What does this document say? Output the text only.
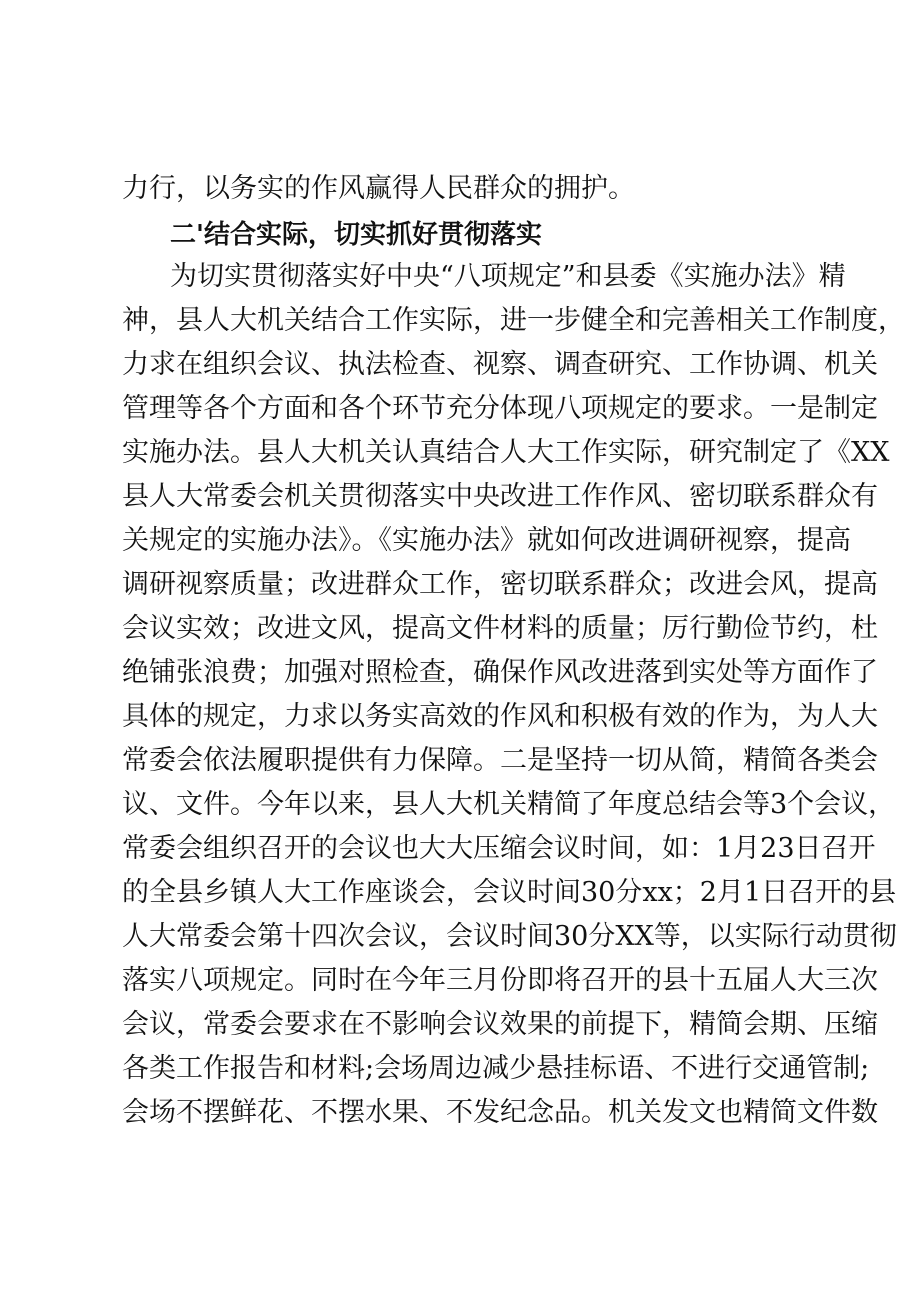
力行，以务实的作风赢得人民群众的拥护。
二'结合实际，切实抓好贯彻落实
为切实贯彻落实好中央“八项规定”和县委《实施办法》精
神，县人大机关结合工作实际，进一步健全和完善相关工作制度，
力求在组织会议、执法检查、视察、调查研究、工作协调、机关
管理等各个方面和各个环节充分体现八项规定的要求。一是制定
实施办法。县人大机关认真结合人大工作实际，研究制定了《XX
县人大常委会机关贯彻落实中央改进工作作风、密切联系群众有
关规定的实施办法》。《实施办法》就如何改进调研视察，提高
调研视察质量；改进群众工作，密切联系群众；改进会风，提高
会议实效；改进文风，提高文件材料的质量；厉行勤俭节约，杜
绝铺张浪费；加强对照检查，确保作风改进落到实处等方面作了
具体的规定，力求以务实高效的作风和积极有效的作为，为人大
常委会依法履职提供有力保障。二是坚持一切从简，精简各类会
议、文件。今年以来，县人大机关精简了年度总结会等3个会议，
常委会组织召开的会议也大大压缩会议时间，如：1月23日召开
的全县乡镇人大工作座谈会，会议时间30分xx；2月1日召开的县
人大常委会第十四次会议，会议时间30分XX等，以实际行动贯彻
落实八项规定。同时在今年三月份即将召开的县十五届人大三次
会议，常委会要求在不影响会议效果的前提下，精简会期、压缩
各类工作报告和材料;会场周边减少悬挂标语、不进行交通管制;
会场不摆鲜花、不摆水果、不发纪念品。机关发文也精简文件数
